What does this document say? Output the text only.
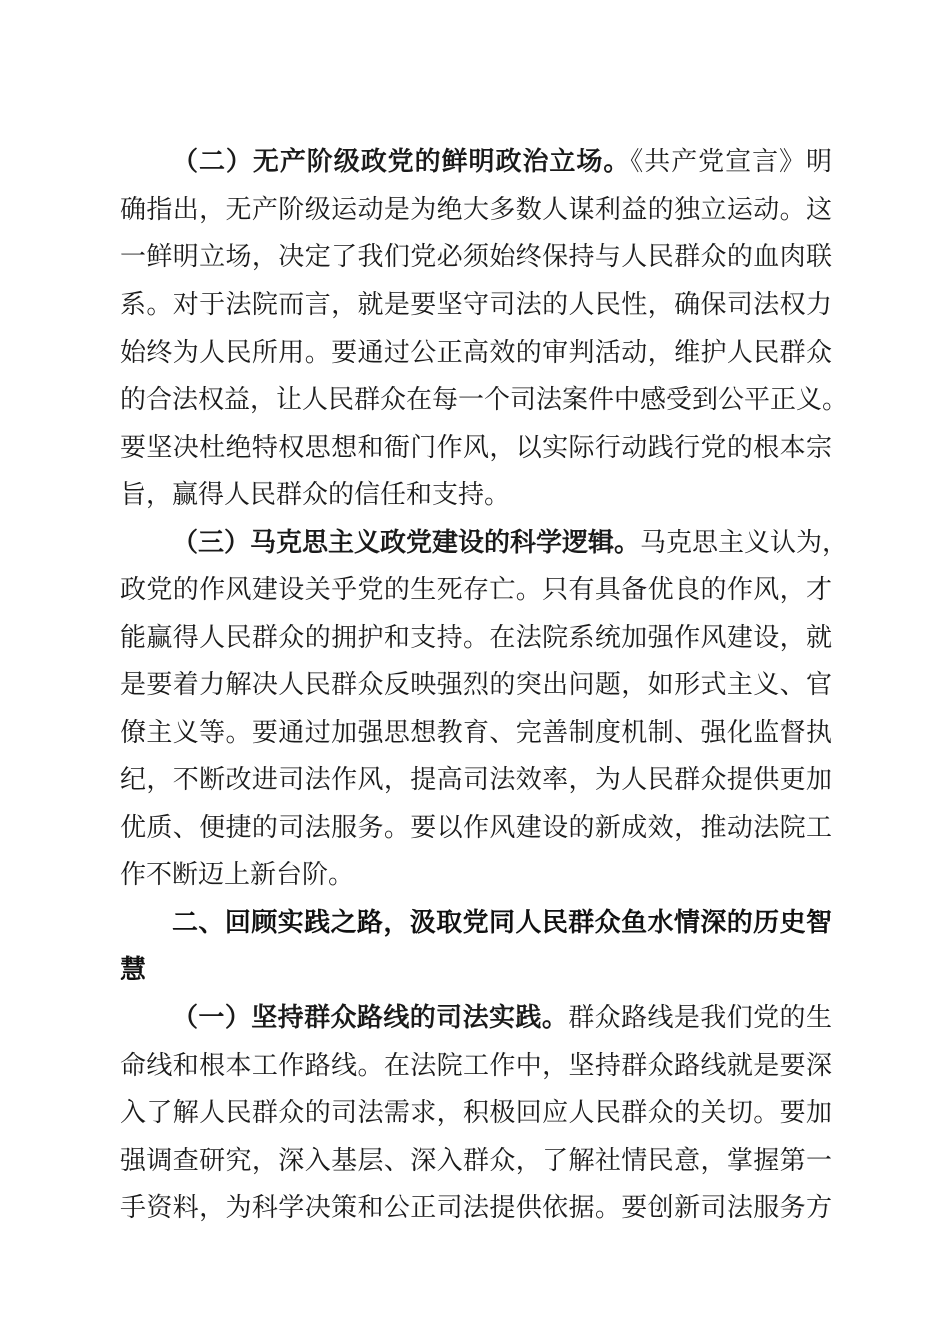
（二）无产阶级政党的鲜明政治立场。《共产党宣言》明
确指出，无产阶级运动是为绝大多数人谋利益的独立运动。这
一鲜明立场，决定了我们党必须始终保持与人民群众的血肉联
系。对于法院而言，就是要坚守司法的人民性，确保司法权力
始终为人民所用。要通过公正高效的审判活动，维护人民群众
的合法权益，让人民群众在每一个司法案件中感受到公平正义。
要坚决杜绝特权思想和衙门作风，以实际行动践行党的根本宗
旨，赢得人民群众的信任和支持。
（三）马克思主义政党建设的科学逻辑。马克思主义认为，
政党的作风建设关乎党的生死存亡。只有具备优良的作风，才
能赢得人民群众的拥护和支持。在法院系统加强作风建设，就
是要着力解决人民群众反映强烈的突出问题，如形式主义、官
僚主义等。要通过加强思想教育、完善制度机制、强化监督执
纪，不断改进司法作风，提高司法效率，为人民群众提供更加
优质、便捷的司法服务。要以作风建设的新成效，推动法院工
作不断迈上新台阶。
二、回顾实践之路，汲取党同人民群众鱼水情深的历史智
慧
（一）坚持群众路线的司法实践。群众路线是我们党的生
命线和根本工作路线。在法院工作中，坚持群众路线就是要深
入了解人民群众的司法需求，积极回应人民群众的关切。要加
强调查研究，深入基层、深入群众，了解社情民意，掌握第一
手资料，为科学决策和公正司法提供依据。要创新司法服务方
